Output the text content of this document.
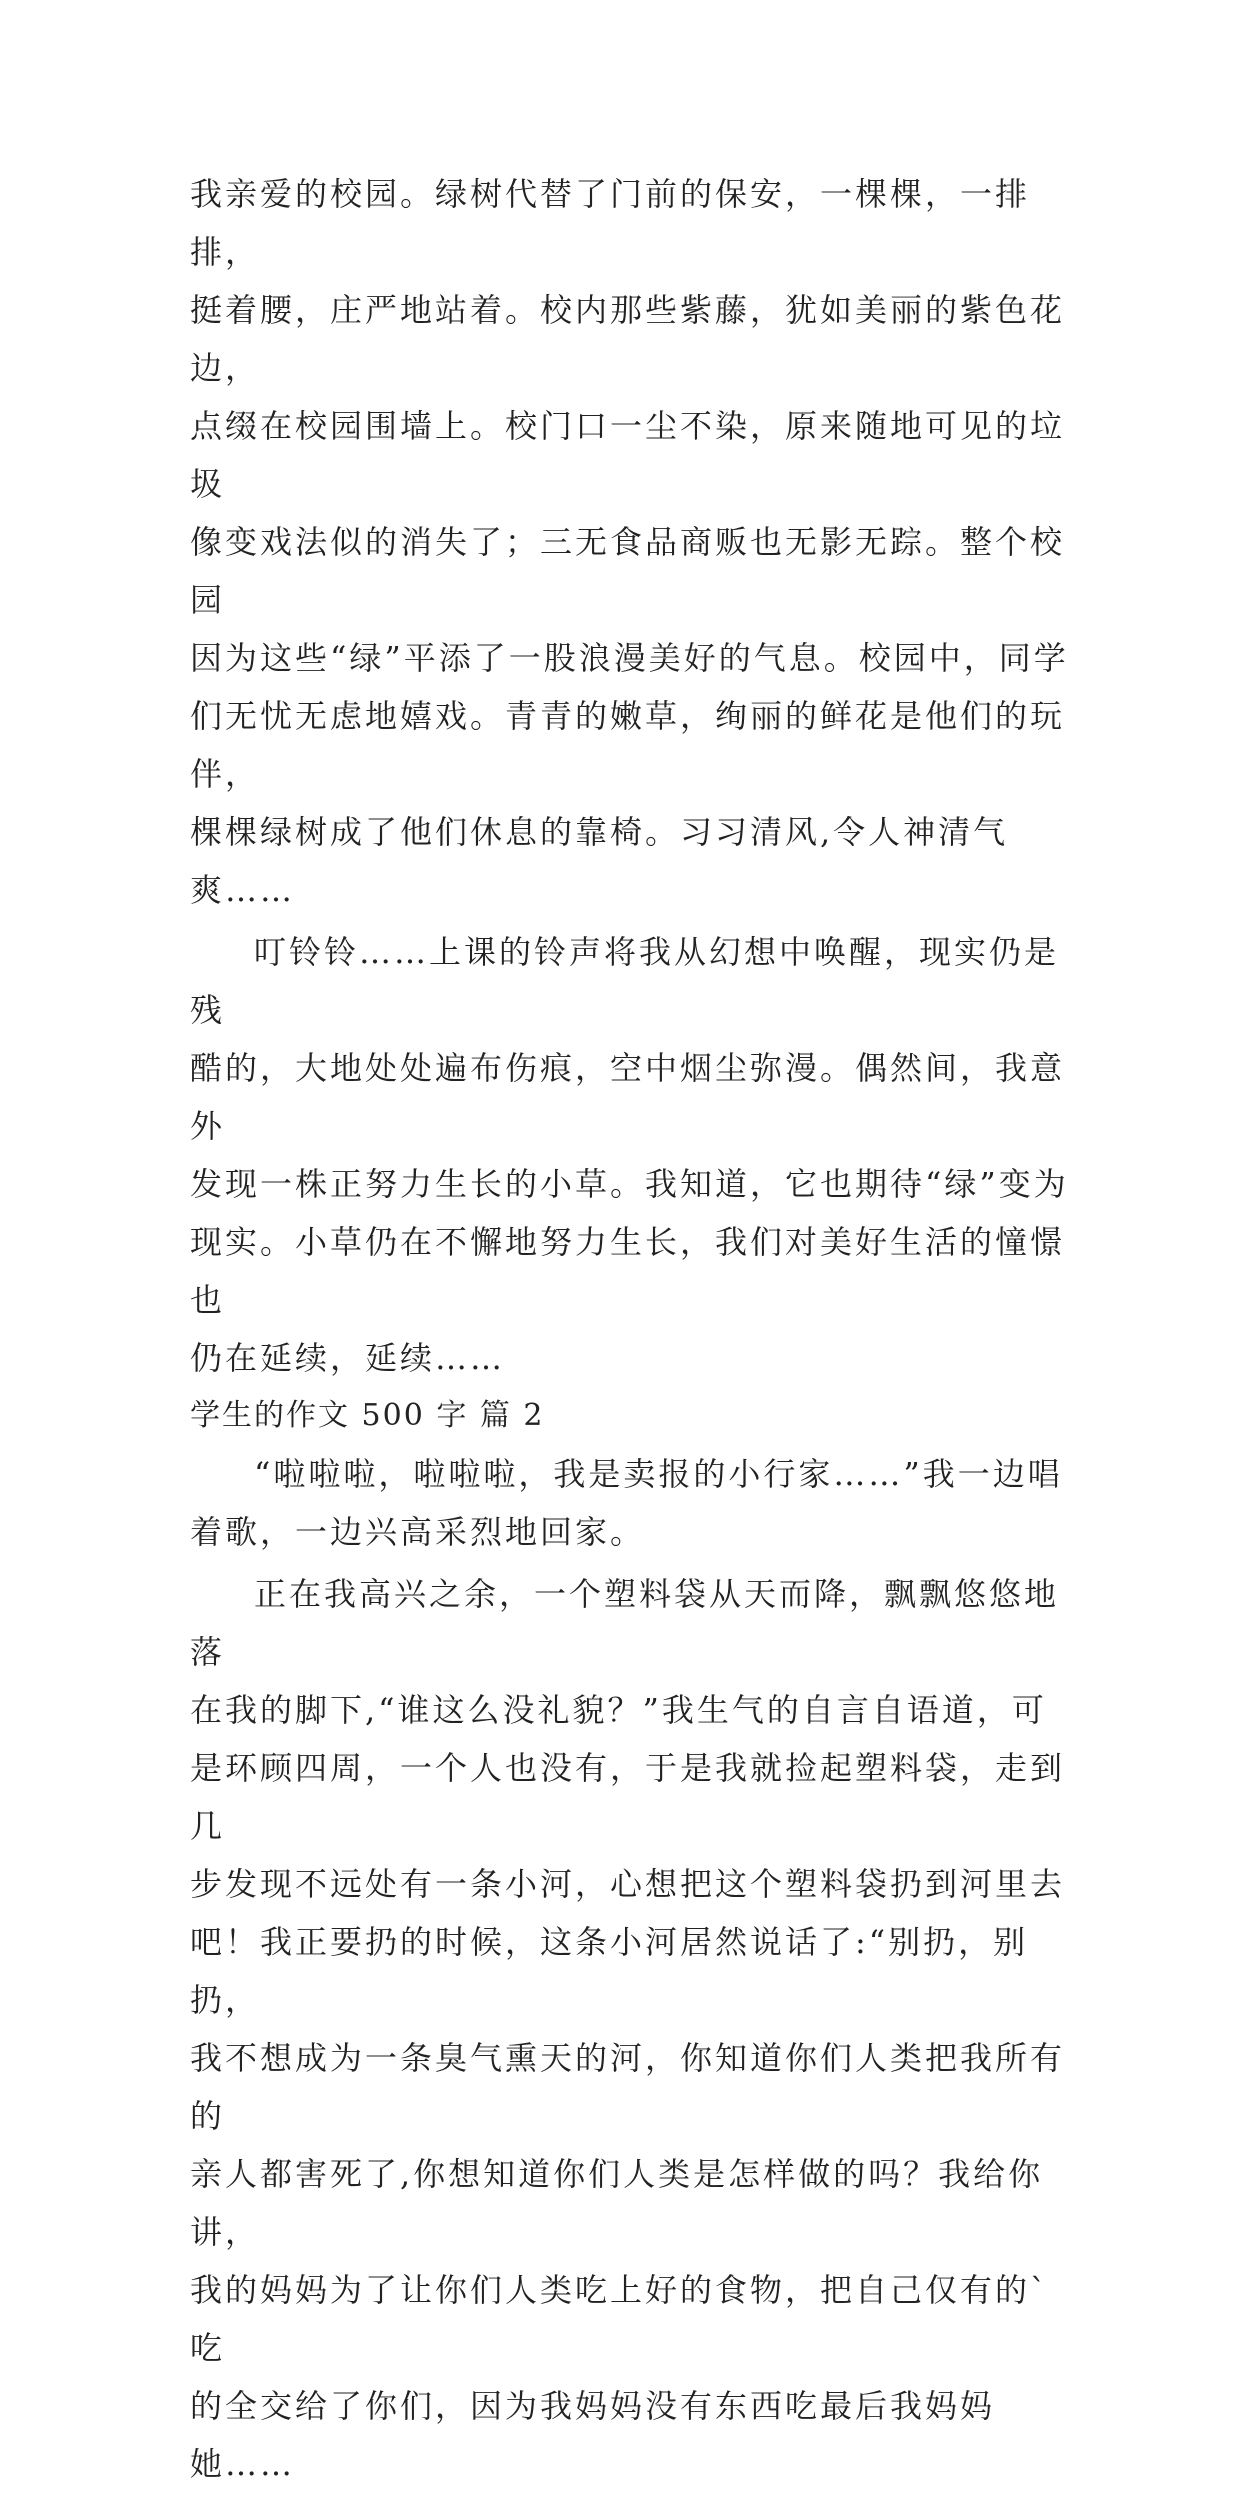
我亲爱的校园。绿树代替了门前的保安，一棵棵，一排排，

挺着腰，庄严地站着。校内那些紫藤，犹如美丽的紫色花边，

点缀在校园围墙上。校门口一尘不染，原来随地可见的垃圾

像变戏法似的消失了；三无食品商贩也无影无踪。整个校园

因为这些“绿”平添了一股浪漫美好的气息。校园中，同学

们无忧无虑地嬉戏。青青的嫩草，绚丽的鲜花是他们的玩伴，

棵棵绿树成了他们休息的靠椅。习习清风,令人神清气爽……

叮铃铃……上课的铃声将我从幻想中唤醒，现实仍是残

酷的，大地处处遍布伤痕，空中烟尘弥漫。偶然间，我意外

发现一株正努力生长的小草。我知道，它也期待“绿”变为

现实。小草仍在不懈地努力生长，我们对美好生活的憧憬也

仍在延续，延续……

学生的作文 500 字 篇 2

“啦啦啦，啦啦啦，我是卖报的小行家……”我一边唱

着歌，一边兴高采烈地回家。

正在我高兴之余，一个塑料袋从天而降，飘飘悠悠地落

在我的脚下,“谁这么没礼貌？”我生气的自言自语道，可

是环顾四周，一个人也没有，于是我就捡起塑料袋，走到几

步发现不远处有一条小河，心想把这个塑料袋扔到河里去

吧！我正要扔的时候，这条小河居然说话了:“别扔，别扔，

我不想成为一条臭气熏天的河，你知道你们人类把我所有的

亲人都害死了,你想知道你们人类是怎样做的吗？我给你讲，

我的妈妈为了让你们人类吃上好的食物，把自己仅有的`吃

的全交给了你们，因为我妈妈没有东西吃最后我妈妈她……
